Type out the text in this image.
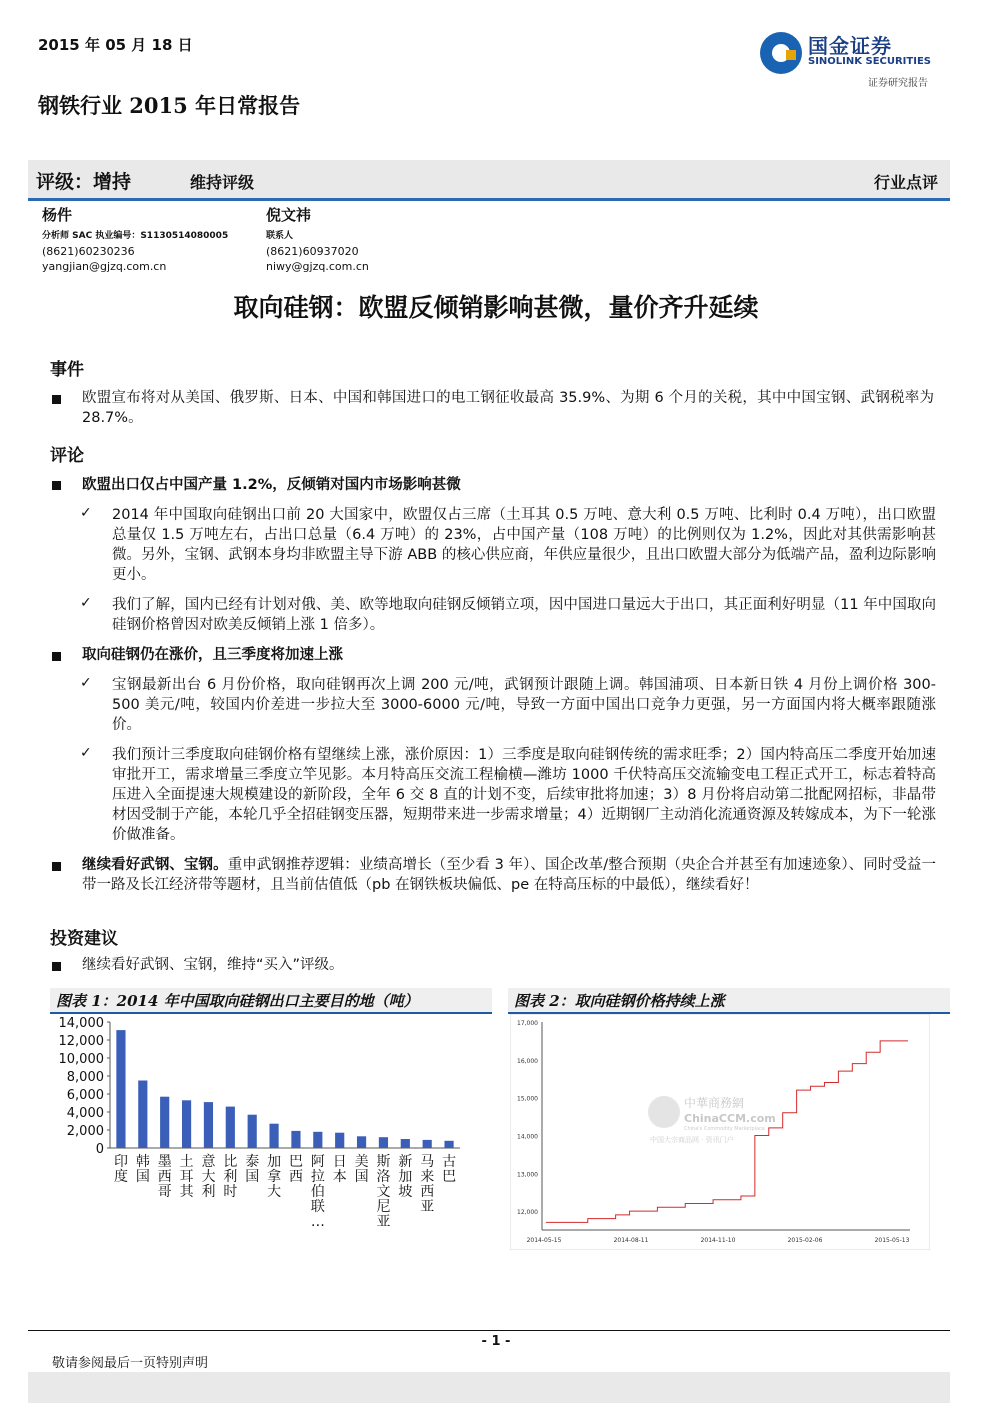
2015 年 05 月 18 日	国金证券
SINOLINK SECURITIES
证券研究报告
钢铁行业 2015 年日常报告
评级：增持	维持评级	行业点评
杨件
分析师 SAC 执业编号：S1130514080005
(8621)60230236
yangjian@gjzq.com.cn
倪文祎
联系人
(8621)60937020
niwy@gjzq.com.cn
取向硅钢：欧盟反倾销影响甚微，量价齐升延续
事件
欧盟宣布将对从美国、俄罗斯、日本、中国和韩国进口的电工钢征收最高 35.9%、为期 6 个月的关税，其中中国宝钢、武钢税率为 28.7%。
评论
欧盟出口仅占中国产量 1.2%，反倾销对国内市场影响甚微
✓ 2014 年中国取向硅钢出口前 20 大国家中，欧盟仅占三席（土耳其 0.5 万吨、意大利 0.5 万吨、比利时 0.4 万吨），出口欧盟总量仅 1.5 万吨左右，占出口总量（6.4 万吨）的 23%，占中国产量（108 万吨）的比例则仅为 1.2%，因此对其供需影响甚微。另外，宝钢、武钢本身均非欧盟主导下游 ABB 的核心供应商，年供应量很少，且出口欧盟大部分为低端产品，盈利边际影响更小。
✓ 我们了解，国内已经有计划对俄、美、欧等地取向硅钢反倾销立项，因中国进口量远大于出口，其正面利好明显（11 年中国取向硅钢价格曾因对欧美反倾销上涨 1 倍多）。
取向硅钢仍在涨价，且三季度将加速上涨
✓ 宝钢最新出台 6 月份价格，取向硅钢再次上调 200 元/吨，武钢预计跟随上调。韩国浦项、日本新日铁 4 月份上调价格 300-500 美元/吨，较国内价差进一步拉大至 3000-6000 元/吨，导致一方面中国出口竞争力更强，另一方面国内将大概率跟随涨价。
✓ 我们预计三季度取向硅钢价格有望继续上涨，涨价原因：1）三季度是取向硅钢传统的需求旺季；2）国内特高压二季度开始加速审批开工，需求增量三季度立竿见影。本月特高压交流工程榆横—潍坊 1000 千伏特高压交流输变电工程正式开工，标志着特高压进入全面提速大规模建设的新阶段，全年 6 交 8 直的计划不变，后续审批将加速；3）8 月份将启动第二批配网招标，非晶带材因受制于产能，本轮几乎全招硅钢变压器，短期带来进一步需求增量；4）近期钢厂主动消化流通资源及转嫁成本，为下一轮涨价做准备。
继续看好武钢、宝钢。重申武钢推荐逻辑：业绩高增长（至少看 3 年）、国企改革/整合预期（央企合并甚至有加速迹象）、同时受益一带一路及长江经济带等题材，且当前估值低（pb 在钢铁板块偏低、pe 在特高压标的中最低），继续看好！
投资建议
继续看好武钢、宝钢，维持“买入”评级。
图表 1：2014 年中国取向硅钢出口主要目的地（吨）	图表 2：取向硅钢价格持续上涨
0
2,000
4,000
6,000
8,000
10,000
12,000
14,000
印
度
韩
国
墨
西
哥
土
耳
其
意
大
利
比
利
时
泰
国
加
拿
大
巴
西
阿
拉
伯
联
…
日
本
美
国
斯
洛
文
尼
亚
新
加
坡
马
来
西
亚
古
巴
12,000
13,000
14,000
15,000
16,000
17,000
2014-05-15	2014-08-11	2014-11-10	2015-02-06	2015-05-13
中華商務網
ChinaCCM.com
China's Commodity Marketplace
中国大宗商品网 · 资讯门户
- 1 -
敬请参阅最后一页特别声明
